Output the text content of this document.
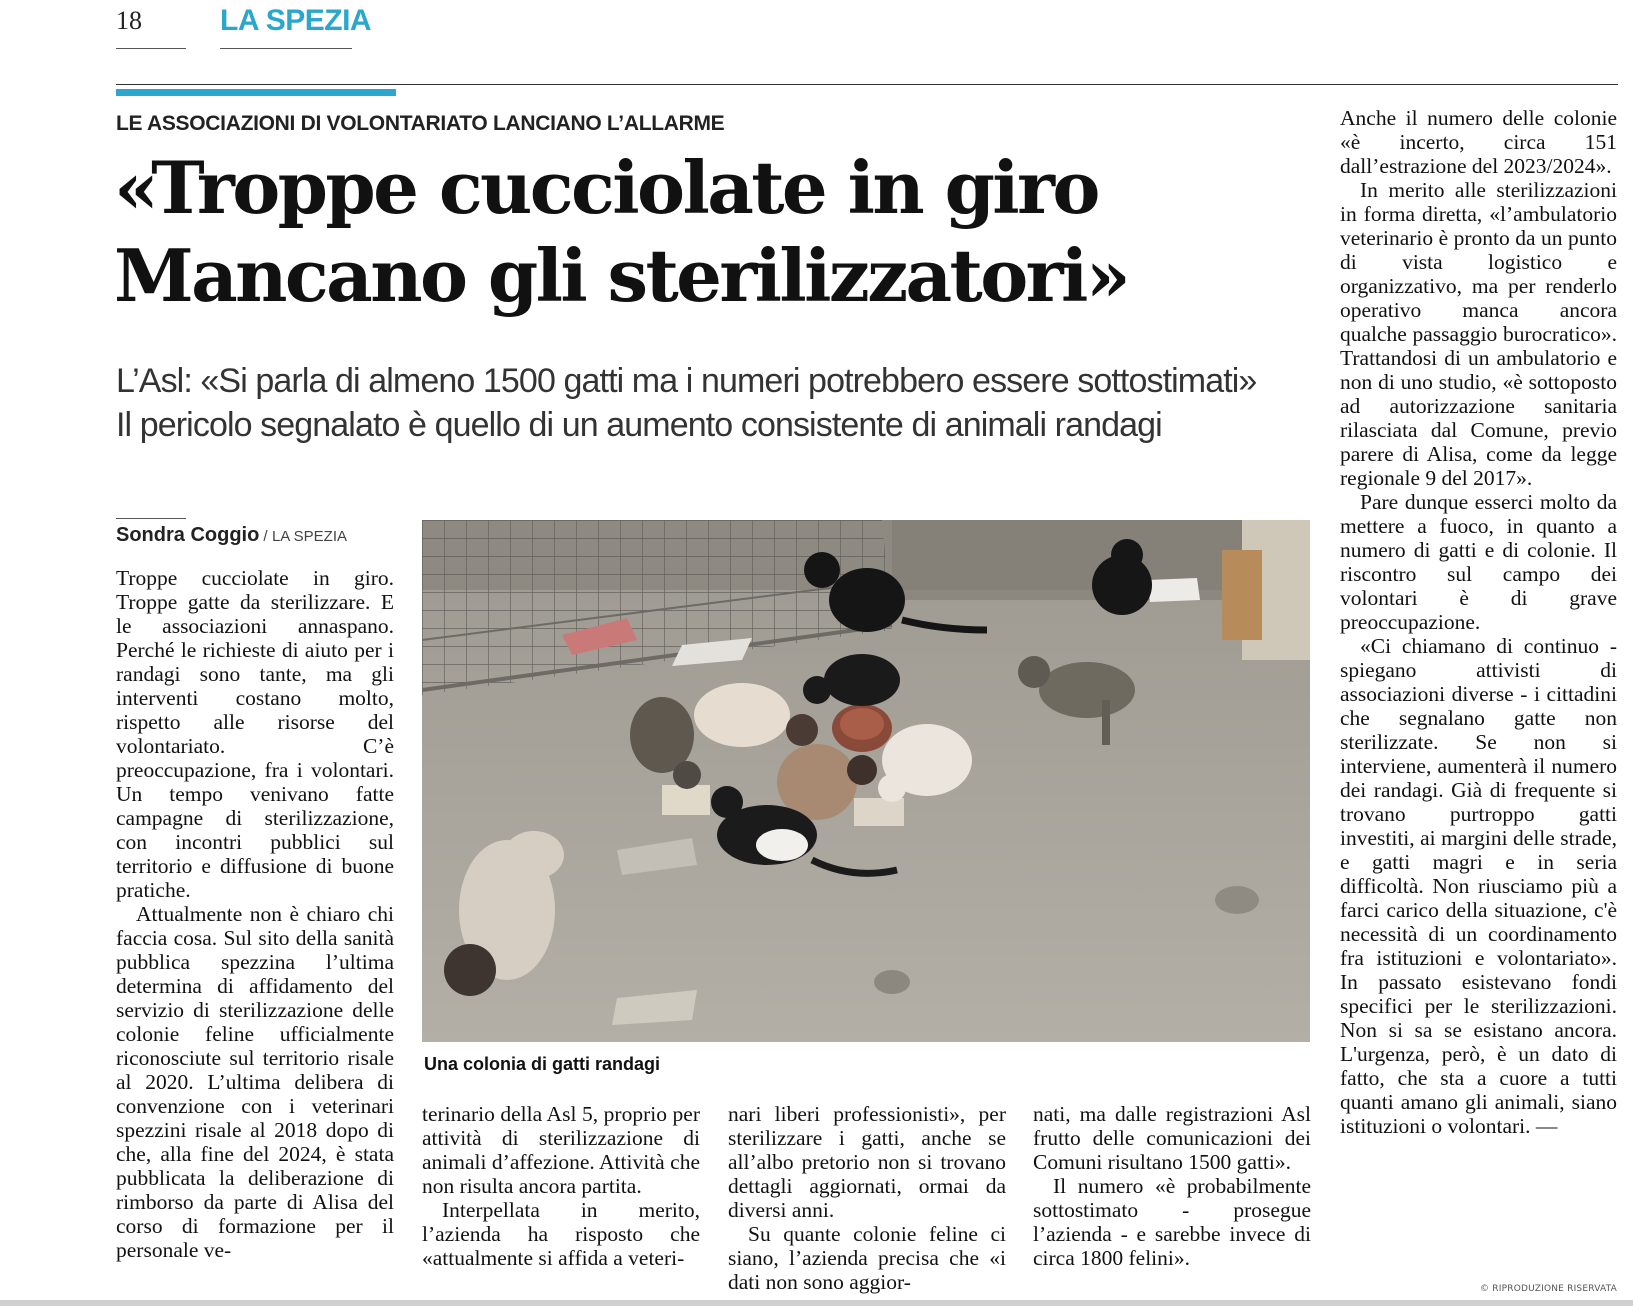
18	LA SPEZIA
LE ASSOCIAZIONI DI VOLONTARIATO LANCIANO L’ALLARME
«Troppe cucciolate in giro
Mancano gli sterilizzatori»
L’Asl: «Si parla di almeno 1500 gatti ma i numeri potrebbero essere sottostimati»
Il pericolo segnalato è quello di un aumento consistente di animali randagi
Sondra Coggio / LA SPEZIA
Una colonia di gatti randagi

Troppe cucciolate in giro. Troppe gatte da sterilizzare. E le associazioni annaspano. Perché le richieste di aiuto per i randagi sono tante, ma gli interventi costano molto, rispetto alle risorse del volontariato. C’è preoccupazione, fra i volontari. Un tempo venivano fatte campagne di sterilizzazione, con incontri pubblici sul territorio e diffusione di buone pratiche.

Attualmente non è chiaro chi faccia cosa. Sul sito della sanità pubblica spezzina l’ultima determina di affidamento del servizio di sterilizzazione delle colonie feline ufficialmente riconosciute sul territorio risale al 2020. L’ultima delibera di convenzione con i veterinari spezzini risale al 2018 dopo di che, alla fine del 2024, è stata pubblicata la deliberazione di rimborso da parte di Alisa del corso di formazione per il personale ve-

terinario della Asl 5, proprio per attività di sterilizzazione di animali d’affezione. Attività che non risulta ancora partita.

Interpellata in merito, l’azienda ha risposto che «attualmente si affida a veteri-

nari liberi professionisti», per sterilizzare i gatti, anche se all’albo pretorio non si trovano dettagli aggiornati, ormai da diversi anni.

Su quante colonie feline ci siano, l’azienda precisa che «i dati non sono aggior-

nati, ma dalle registrazioni Asl frutto delle comunicazioni dei Comuni risultano 1500 gatti».

Il numero «è probabilmente sottostimato - prosegue l’azienda - e sarebbe invece di circa 1800 felini».

Anche il numero delle colonie «è incerto, circa 151 dall’estrazione del 2023/2024».

In merito alle sterilizzazioni in forma diretta, «l’ambulatorio veterinario è pronto da un punto di vista logistico e organizzativo, ma per renderlo operativo manca ancora qualche passaggio burocratico». Trattandosi di un ambulatorio e non di uno studio, «è sottoposto ad autorizzazione sanitaria rilasciata dal Comune, previo parere di Alisa, come da legge regionale 9 del 2017».

Pare dunque esserci molto da mettere a fuoco, in quanto a numero di gatti e di colonie. Il riscontro sul campo dei volontari è di grave preoccupazione.

«Ci chiamano di continuo - spiegano attivisti di associazioni diverse - i cittadini che segnalano gatte non sterilizzate. Se non si interviene, aumenterà il numero dei randagi. Già di frequente si trovano purtroppo gatti investiti, ai margini delle strade, e gatti magri e in seria difficoltà. Non riusciamo più a farci carico della situazione, c'è necessità di un coordinamento fra istituzioni e volontariato». In passato esistevano fondi specifici per le sterilizzazioni. Non si sa se esistano ancora. L'urgenza, però, è un dato di fatto, che sta a cuore a tutti quanti amano gli animali, siano istituzioni o volontari. —

© RIPRODUZIONE RISERVATA
